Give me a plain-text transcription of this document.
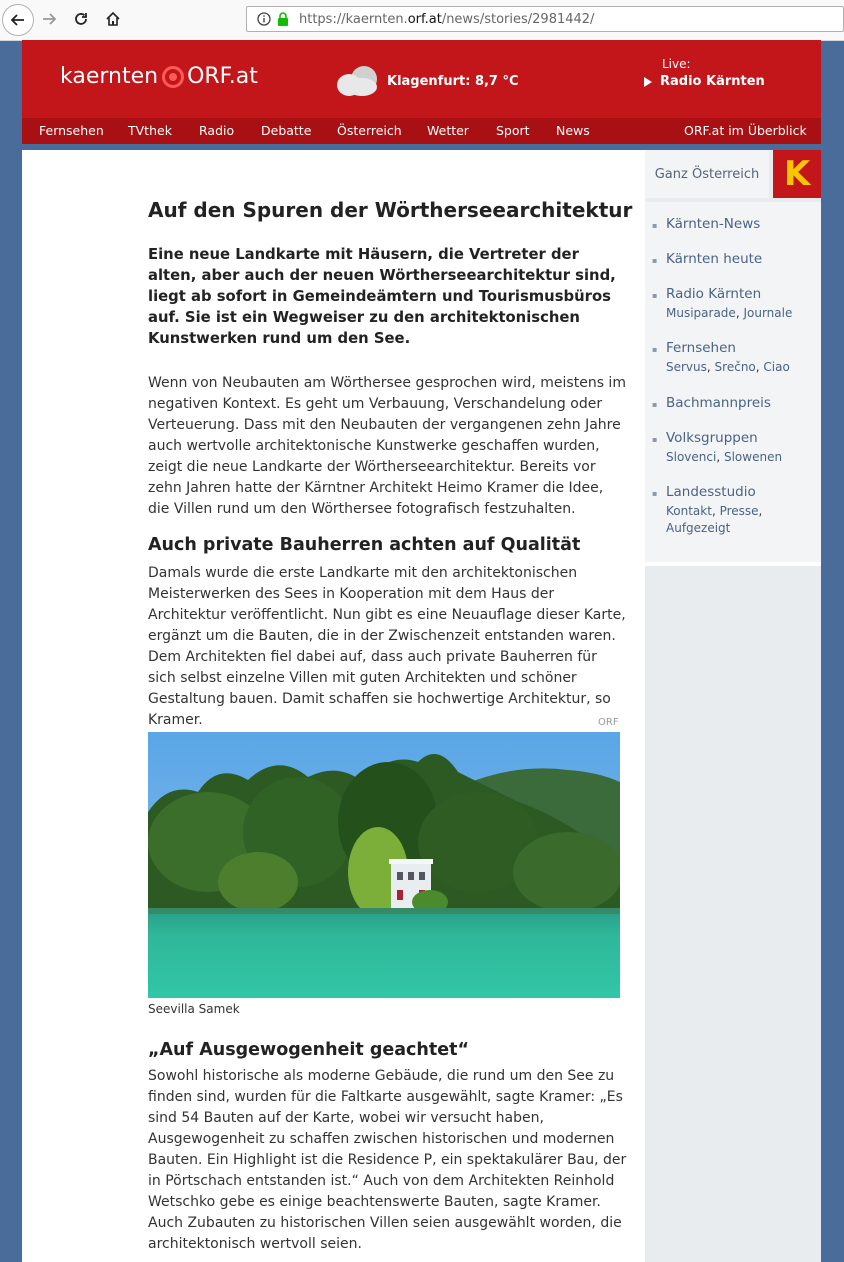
https://kaernten.orf.at/news/stories/2981442/
kaernten ORF.at	Klagenfurt: 8,7 °C
Live:
Radio Kärnten
Fernsehen TVthek Radio Debatte Österreich Wetter Sport News	ORF.at im Überblick
Ganz Österreich K
▪ Kärnten-News
▪ Kärnten heute
▪ Radio Kärnten
Musiparade, Journale
▪ Fernsehen
Servus, Srečno, Ciao
▪ Bachmannpreis
▪ Volksgruppen
Slovenci, Slowenen
▪ Landesstudio
Kontakt, Presse,
Aufgezeigt
Auf den Spuren der Wörtherseearchitektur

Eine neue Landkarte mit Häusern, die Vertreter der alten, aber auch der neuen Wörtherseearchitektur sind, liegt ab sofort in Gemeindeämtern und Tourismusbüros auf. Sie ist ein Wegweiser zu den architektonischen Kunstwerken rund um den See.

Wenn von Neubauten am Wörthersee gesprochen wird, meistens im negativen Kontext. Es geht um Verbauung, Verschandelung oder Verteuerung. Dass mit den Neubauten der vergangenen zehn Jahre auch wertvolle architektonische Kunstwerke geschaffen wurden, zeigt die neue Landkarte der Wörtherseearchitektur. Bereits vor zehn Jahren hatte der Kärntner Architekt Heimo Kramer die Idee, die Villen rund um den Wörthersee fotografisch festzuhalten.

Auch private Bauherren achten auf Qualität

Damals wurde die erste Landkarte mit den architektonischen Meisterwerken des Sees in Kooperation mit dem Haus der Architektur veröffentlicht. Nun gibt es eine Neuauflage dieser Karte, ergänzt um die Bauten, die in der Zwischenzeit entstanden waren. Dem Architekten fiel dabei auf, dass auch private Bauherren für sich selbst einzelne Villen mit guten Architekten und schöner Gestaltung bauen. Damit schaffen sie hochwertige Architektur, so Kramer.	ORF
Seevilla Samek
„Auf Ausgewogenheit geachtet“

Sowohl historische als moderne Gebäude, die rund um den See zu finden sind, wurden für die Faltkarte ausgewählt, sagte Kramer: „Es sind 54 Bauten auf der Karte, wobei wir versucht haben, Ausgewogenheit zu schaffen zwischen historischen und modernen Bauten. Ein Highlight ist die Residence P, ein spektakulärer Bau, der in Pörtschach entstanden ist.“ Auch von dem Architekten Reinhold Wetschko gebe es einige beachtenswerte Bauten, sagte Kramer. Auch Zubauten zu historischen Villen seien ausgewählt worden, die architektonisch wertvoll seien.
